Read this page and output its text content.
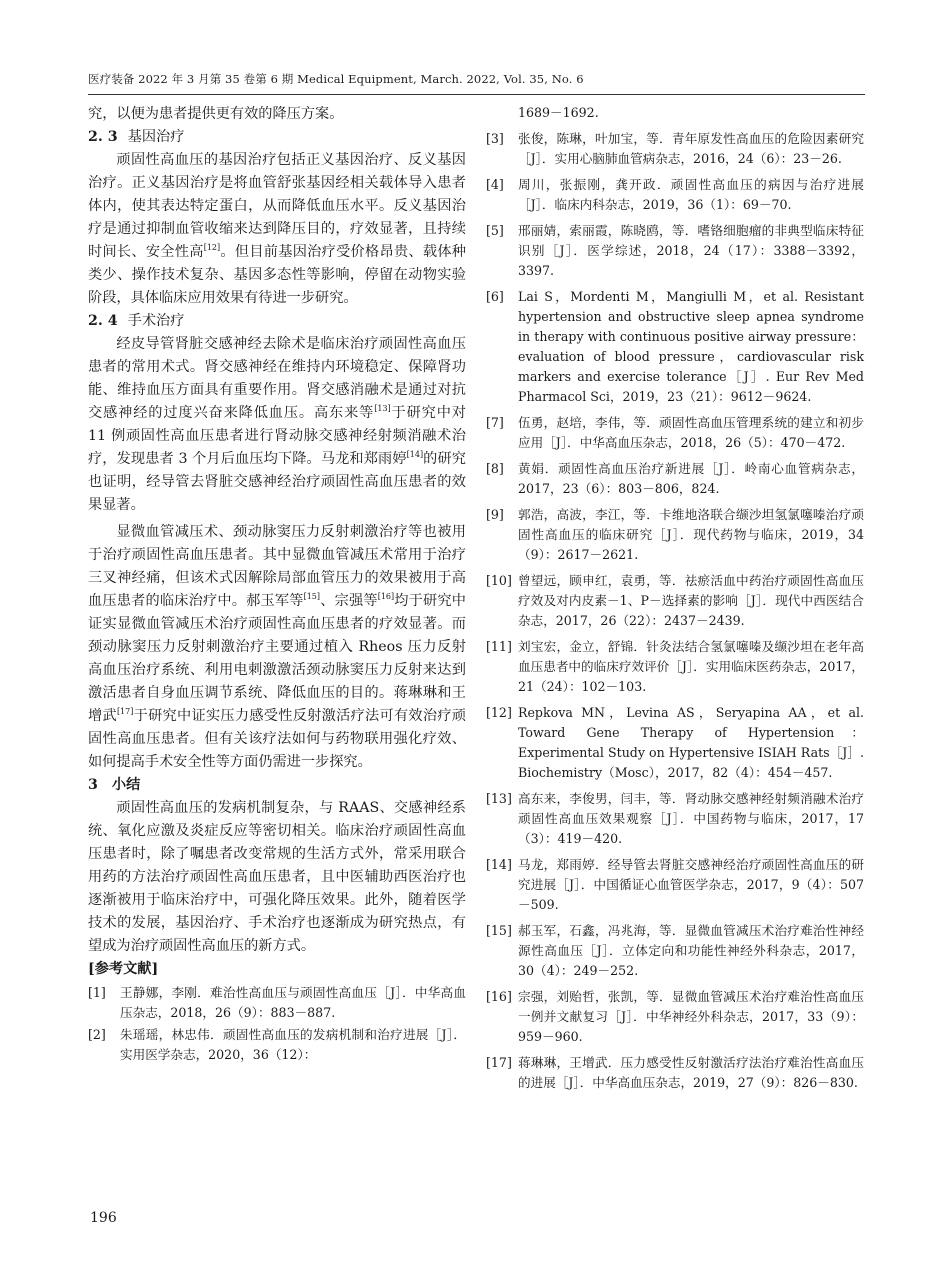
医疗装备 2022 年 3 月第 35 卷第 6 期 Medical Equipment, March. 2022, Vol. 35, No. 6

究，以便为患者提供更有效的降压方案。

2. 3 基因治疗

顽固性高血压的基因治疗包括正义基因治疗、反义基因治疗。正义基因治疗是将血管舒张基因经相关载体导入患者体内，使其表达特定蛋白，从而降低血压水平。反义基因治疗是通过抑制血管收缩来达到降压目的，疗效显著，且持续时间长、安全性高[12]。但目前基因治疗受价格昂贵、载体种类少、操作技术复杂、基因多态性等影响，停留在动物实验阶段，具体临床应用效果有待进一步研究。

2. 4 手术治疗

经皮导管肾脏交感神经去除术是临床治疗顽固性高血压患者的常用术式。肾交感神经在维持内环境稳定、保障肾功能、维持血压方面具有重要作用。肾交感消融术是通过对抗交感神经的过度兴奋来降低血压。高东来等[13]于研究中对 11 例顽固性高血压患者进行肾动脉交感神经射频消融术治疗，发现患者 3 个月后血压均下降。马龙和郑雨婷[14]的研究也证明，经导管去肾脏交感神经治疗顽固性高血压患者的效果显著。

显微血管减压术、颈动脉窦压力反射刺激治疗等也被用于治疗顽固性高血压患者。其中显微血管减压术常用于治疗三叉神经痛，但该术式因解除局部血管压力的效果被用于高血压患者的临床治疗中。郝玉军等[15]、宗强等[16]均于研究中证实显微血管减压术治疗顽固性高血压患者的疗效显著。而颈动脉窦压力反射刺激治疗主要通过植入 Rheos 压力反射高血压治疗系统、利用电刺激激活颈动脉窦压力反射来达到激活患者自身血压调节系统、降低血压的目的。蒋琳琳和王增武[17]于研究中证实压力感受性反射激活疗法可有效治疗顽固性高血压患者。但有关该疗法如何与药物联用强化疗效、如何提高手术安全性等方面仍需进一步探究。

3 小结

顽固性高血压的发病机制复杂，与 RAAS、交感神经系统、氧化应激及炎症反应等密切相关。临床治疗顽固性高血压患者时，除了嘱患者改变常规的生活方式外，常采用联合用药的方法治疗顽固性高血压患者，且中医辅助西医治疗也逐渐被用于临床治疗中，可强化降压效果。此外，随着医学技术的发展，基因治疗、手术治疗也逐渐成为研究热点，有望成为治疗顽固性高血压的新方式。

[参考文献]

[1]	王静娜，李刚．难治性高血压与顽固性高血压［J］．中华高血压杂志，2018，26（9）：883－887.
[2]	朱瑶瑶，林忠伟．顽固性高血压的发病机制和治疗进展［J］．实用医学杂志，2020，36（12）：

1689－1692.

[3]	张俊，陈琳，叶加宝，等．青年原发性高血压的危险因素研究［J］．实用心脑肺血管病杂志，2016，24（6）：23－26.
[4]	周川，张振刚，龚开政．顽固性高血压的病因与治疗进展［J］．临床内科杂志，2019，36（1）：69－70.
[5]	邢丽婧，索丽霞，陈晓鸥，等．嗜铬细胞瘤的非典型临床特征识别［J］．医学综述，2018，24（17）：3388－3392，3397.
[6]	Lai S，Mordenti M，Mangiulli M，et al. Resistant hypertension and obstructive sleep apnea syndrome in therapy with continuous positive airway pressure：evaluation of blood pressure，cardiovascular risk markers and exercise tolerance［J］. Eur Rev Med Pharmacol Sci，2019，23（21）：9612－9624.
[7]	伍勇，赵培，李伟，等．顽固性高血压管理系统的建立和初步应用［J］．中华高血压杂志，2018，26（5）：470－472.
[8]	黄娟．顽固性高血压治疗新进展［J］．岭南心血管病杂志，2017，23（6）：803－806，824.
[9]	郭浩，高波，李江，等．卡维地洛联合缬沙坦氢氯噻嗪治疗顽固性高血压的临床研究［J］．现代药物与临床，2019，34（9）：2617－2621.
[10] 曾望远，顾申红，袁勇，等．祛瘀活血中药治疗顽固性高血压疗效及对内皮素－1、P－选择素的影响［J］．现代中西医结合杂志，2017，26（22）：2437－2439.
[11] 刘宝宏，金立，舒锦．针灸法结合氢氯噻嗪及缬沙坦在老年高血压患者中的临床疗效评价［J］．实用临床医药杂志，2017，21（24）：102－103.
[12] Repkova MN，Levina AS，Seryapina AA，et al. Toward Gene Therapy of Hypertension：Experimental Study on Hypertensive ISIAH Rats［J］. Biochemistry（Mosc），2017，82（4）：454－457.
[13] 高东来，李俊男，闫丰，等．肾动脉交感神经射频消融术治疗顽固性高血压效果观察［J］．中国药物与临床，2017，17（3）：419－420.
[14] 马龙，郑雨婷．经导管去肾脏交感神经治疗顽固性高血压的研究进展［J］．中国循证心血管医学杂志，2017，9（4）：507－509.
[15] 郝玉军，石鑫，冯兆海，等．显微血管减压术治疗难治性神经源性高血压［J］．立体定向和功能性神经外科杂志，2017，30（4）：249－252.
[16] 宗强，刘贻哲，张凯，等．显微血管减压术治疗难治性高血压一例并文献复习［J］．中华神经外科杂志，2017，33（9）：959－960.
[17] 蒋琳琳，王增武．压力感受性反射激活疗法治疗难治性高血压的进展［J］．中华高血压杂志，2019，27（9）：826－830.
196
